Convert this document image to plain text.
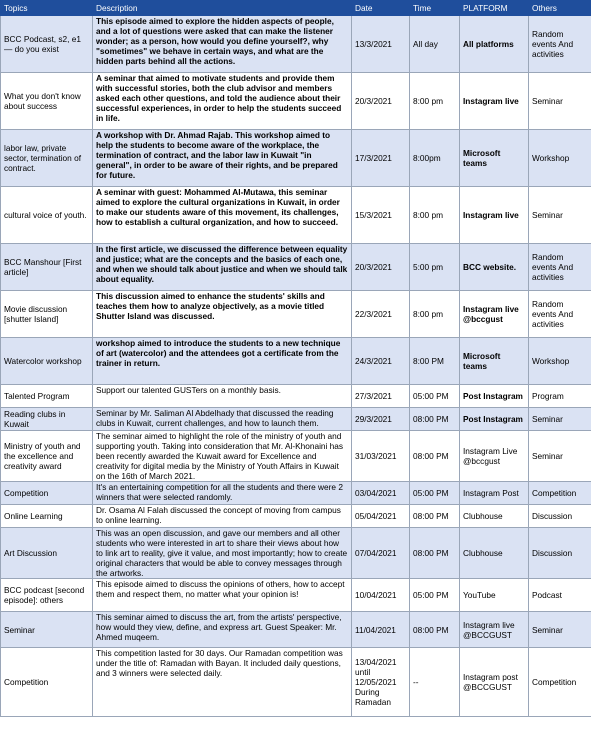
Topics	Description	Date	Time	PLATFORM	Others
BCC Podcast, s2, e1 — do you exist	This episode aimed to explore the hidden aspects of people, and a lot of questions were asked that can make the listener wonder; as a person, how would you define yourself?, why "sometimes" we behave in certain ways, and what are the hidden parts behind all the actions.	13/3/2021	All day	All platforms	Random events And activities
What you don't know about success	A seminar that aimed to motivate students and provide them with successful stories, both the club advisor and members asked each other questions, and told the audience about their successful experiences, in order to help the students succeed in life.	20/3/2021	8:00 pm	Instagram live	Seminar
labor law, private sector, termination of contract.	A workshop with Dr. Ahmad Rajab. This workshop aimed to help the students to become aware of the workplace, the termination of contract, and the labor law in Kuwait "in general", in order to be aware of their rights, and be prepared for future.	17/3/2021	8:00pm	Microsoft teams	Workshop
cultural voice of youth.	A seminar with guest: Mohammed Al-Mutawa, this seminar aimed to explore the cultural organizations in Kuwait, in order to make our students aware of this movement, its challenges, how to establish a cultural organization, and how to succeed.	15/3/2021	8:00 pm	Instagram live	Seminar
BCC Manshour [First article]	In the first article, we discussed the difference between equality and justice; what are the concepts and the basics of each one, and when we should talk about justice and when we should talk about equality.	20/3/2021	5:00 pm	BCC website.	Random events And activities
Movie discussion [shutter Island]	This discussion aimed to enhance the students' skills and teaches them how to analyze objectively, as a movie titled Shutter Island was discussed.	22/3/2021	8:00 pm	Instagram live @bccgust	Random events And activities
Watercolor workshop	workshop aimed to introduce the students to a new technique of art (watercolor) and the attendees got a certificate from the trainer in return.	24/3/2021	8:00 PM	Microsoft teams	Workshop
Talented Program	Support our talented GUSTers on a monthly basis.	27/3/2021	05:00 PM	Post Instagram	Program
Reading clubs in Kuwait	Seminar by Mr. Saliman Al Abdelhady that discussed the reading clubs in Kuwait, current challenges, and how to launch them.	29/3/2021	08:00 PM	Post Instagram	Seminar
Ministry of youth and the excellence and creativity award	The seminar aimed to highlight the role of the ministry of youth and supporting youth. Taking into consideration that Mr. Al-Khonaini has been recently awarded the Kuwait award for Excellence and creativity for digital media by the Ministry of Youth Affairs in Kuwait on the 16th of March 2021.	31/03/2021	08:00 PM	Instagram Live @bccgust	Seminar
Competition	It's an entertaining competition for all the students and there were 2 winners that were selected randomly.	03/04/2021	05:00 PM	Instagram Post	Competition
Online Learning	Dr. Osama Al Falah discussed the concept of moving from campus to online learning.	05/04/2021	08:00 PM	Clubhouse	Discussion
Art Discussion	This was an open discussion, and gave our members and all other students who were interested in art to share their views about how to link art to reality, give it value, and most importantly; how to create original characters that would be able to convey messages through the artworks.	07/04/2021	08:00 PM	Clubhouse	Discussion
BCC podcast [second episode]: others	This episode aimed to discuss the opinions of others, how to accept them and respect them, no matter what your opinion is!	10/04/2021	05:00 PM	YouTube	Podcast
Seminar	This seminar aimed to discuss the art, from the artists' perspective, how would they view, define, and express art. Guest Speaker: Mr. Ahmed muqeem.	11/04/2021	08:00 PM	Instagram live @BCCGUST	Seminar
Competition	This competition lasted for 30 days. Our Ramadan competition was under the title of: Ramadan with Bayan. It included daily questions, and 3 winners were selected daily.	13/04/2021 until 12/05/2021 During Ramadan	--	Instagram post @BCCGUST	Competition
